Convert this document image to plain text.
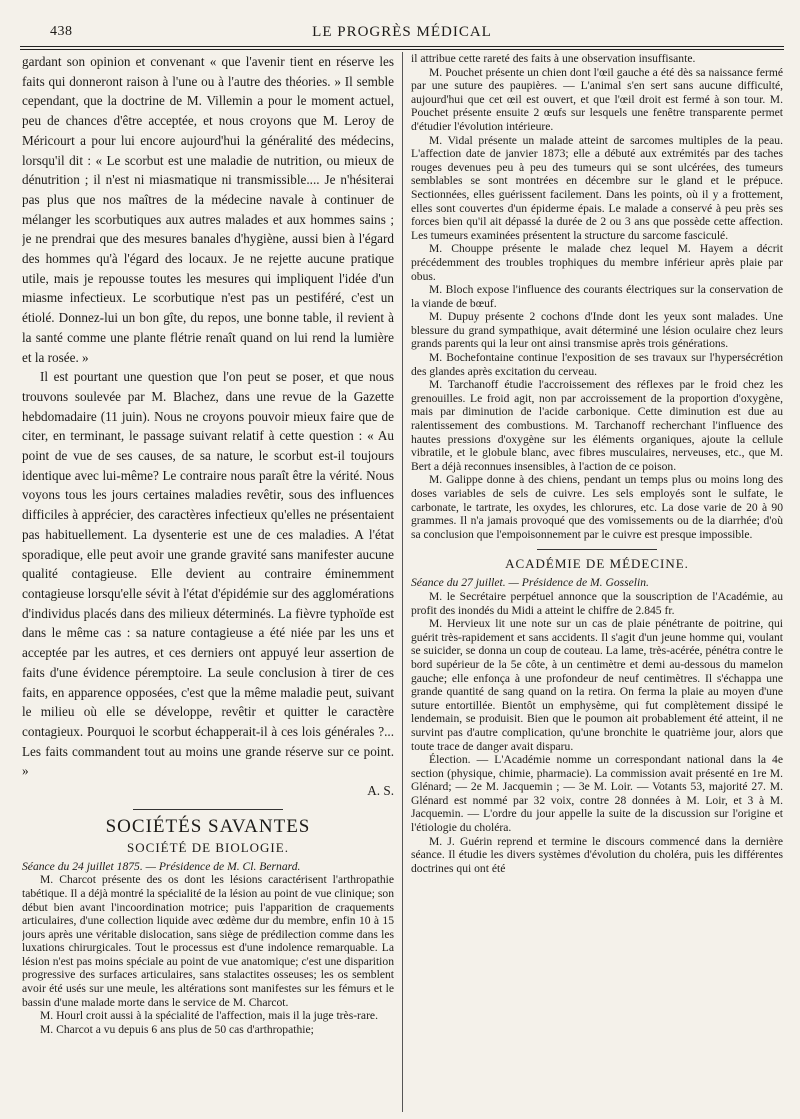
438	LE PROGRÈS MÉDICAL

gardant son opinion et convenant « que l'avenir tient en réserve les faits qui donneront raison à l'une ou à l'autre des théories. » Il semble cependant, que la doctrine de M. Villemin a pour le moment actuel, peu de chances d'être acceptée, et nous croyons que M. Leroy de Méricourt a pour lui encore aujourd'hui la généralité des médecins, lorsqu'il dit : « Le scorbut est une maladie de nutrition, ou mieux de dénutrition ; il n'est ni miasmatique ni transmissible.... Je n'hésiterai pas plus que nos maîtres de la médecine navale à continuer de mélanger les scorbutiques aux autres malades et aux hommes sains ; je ne prendrai que des mesures banales d'hygiène, aussi bien à l'égard des hommes qu'à l'égard des locaux. Je ne rejette aucune pratique utile, mais je repousse toutes les mesures qui impliquent l'idée d'un miasme infectieux. Le scorbutique n'est pas un pestiféré, c'est un étiolé. Donnez-lui un bon gîte, du repos, une bonne table, il revient à la santé comme une plante flétrie renaît quand on lui rend la lumière et la rosée. »

Il est pourtant une question que l'on peut se poser, et que nous trouvons soulevée par M. Blachez, dans une revue de la Gazette hebdomadaire (11 juin). Nous ne croyons pouvoir mieux faire que de citer, en terminant, le passage suivant relatif à cette question : « Au point de vue de ses causes, de sa nature, le scorbut est-il toujours identique avec lui-même? Le contraire nous paraît être la vérité. Nous voyons tous les jours certaines maladies revêtir, sous des influences difficiles à apprécier, des caractères infectieux qu'elles ne présentaient pas habituellement. La dysenterie est une de ces maladies. A l'état sporadique, elle peut avoir une grande gravité sans manifester aucune qualité contagieuse. Elle devient au contraire éminemment contagieuse lorsqu'elle sévit à l'état d'épidémie sur des agglomérations d'individus placés dans des milieux déterminés. La fièvre typhoïde est dans le même cas : sa nature contagieuse a été niée par les uns et acceptée par les autres, et ces derniers ont appuyé leur assertion de faits d'une évidence péremptoire. La seule conclusion à tirer de ces faits, en apparence opposées, c'est que la même maladie peut, suivant le milieu où elle se développe, revêtir et quitter le caractère contagieux. Pourquoi le scorbut échapperait-il à ces lois générales ?... Les faits commandent tout au moins une grande réserve sur ce point. »

A. S.

SOCIÉTÉS SAVANTES
SOCIÉTÉ DE BIOLOGIE.

Séance du 24 juillet 1875. — Présidence de M. Cl. Bernard.

M. Charcot présente des os dont les lésions caractérisent l'arthropathie tabétique. Il a déjà montré la spécialité de la lésion au point de vue clinique; son début bien avant l'incoordination motrice; puis l'apparition de craquements articulaires, d'une collection liquide avec œdème dur du membre, enfin 10 à 15 jours après une véritable dislocation, sans siège de prédilection comme dans les luxations chirurgicales. Tout le processus est d'une indolence remarquable. La lésion n'est pas moins spéciale au point de vue anatomique; c'est une disparition progressive des surfaces articulaires, sans stalactites osseuses; les os semblent avoir été usés sur une meule, les altérations sont manifestes sur les fémurs et le bassin d'une malade morte dans le service de M. Charcot.

M. Hourl croit aussi à la spécialité de l'affection, mais il la juge très-rare.

M. Charcot a vu depuis 6 ans plus de 50 cas d'arthropathie;

il attribue cette rareté des faits à une observation insuffisante.

M. Pouchet présente un chien dont l'œil gauche a été dès sa naissance fermé par une suture des paupières. — L'animal s'en sert sans aucune difficulté, aujourd'hui que cet œil est ouvert, et que l'œil droit est fermé à son tour. M. Pouchet présente ensuite 2 œufs sur lesquels une fenêtre transparente permet d'étudier l'évolution intérieure.

M. Vidal présente un malade atteint de sarcomes multiples de la peau. L'affection date de janvier 1873; elle a débuté aux extrémités par des taches rouges devenues peu à peu des tumeurs qui se sont ulcérées, des tumeurs semblables se sont montrées en décembre sur le gland et le prépuce. Sectionnées, elles guérissent facilement. Dans les points, où il y a frottement, elles sont couvertes d'un épiderme épais. Le malade a conservé à peu près ses forces bien qu'il ait dépassé la durée de 2 ou 3 ans que possède cette affection. Les tumeurs examinées présentent la structure du sarcome fasciculé.

M. Chouppe présente le malade chez lequel M. Hayem a décrit précédemment des troubles trophiques du membre inférieur après plaie par obus.

M. Bloch expose l'influence des courants électriques sur la conservation de la viande de bœuf.

M. Dupuy présente 2 cochons d'Inde dont les yeux sont malades. Une blessure du grand sympathique, avait déterminé une lésion oculaire chez leurs grands parents qui la leur ont ainsi transmise après trois générations.

M. Bochefontaine continue l'exposition de ses travaux sur l'hypersécrétion des glandes après excitation du cerveau.

M. Tarchanoff étudie l'accroissement des réflexes par le froid chez les grenouilles. Le froid agit, non par accroissement de la proportion d'oxygène, mais par diminution de l'acide carbonique. Cette diminution est due au ralentissement des combustions. M. Tarchanoff recherchant l'influence des hautes pressions d'oxygène sur les éléments organiques, ajoute la cellule vibratile, et le globule blanc, avec fibres musculaires, nerveuses, etc., que M. Bert a déjà reconnues insensibles, à l'action de ce poison.

M. Galippe donne à des chiens, pendant un temps plus ou moins long des doses variables de sels de cuivre. Les sels employés sont le sulfate, le carbonate, le tartrate, les oxydes, les chlorures, etc. La dose varie de 20 à 90 grammes. Il n'a jamais provoqué que des vomissements ou de la diarrhée; d'où sa conclusion que l'empoisonnement par le cuivre est presque impossible.

ACADÉMIE DE MÉDECINE.

Séance du 27 juillet. — Présidence de M. Gosselin.

M. le Secrétaire perpétuel annonce que la souscription de l'Académie, au profit des inondés du Midi a atteint le chiffre de 2.845 fr.

M. Hervieux lit une note sur un cas de plaie pénétrante de poitrine, qui guérit très-rapidement et sans accidents. Il s'agit d'un jeune homme qui, voulant se suicider, se donna un coup de couteau. La lame, très-acérée, pénétra contre le bord supérieur de la 5e côte, à un centimètre et demi au-dessous du mamelon gauche; elle enfonça à une profondeur de neuf centimètres. Il s'échappa une grande quantité de sang quand on la retira. On ferma la plaie au moyen d'une suture entortillée. Bientôt un emphysème, qui fut complètement dissipé le lendemain, se produisit. Bien que le poumon ait probablement été atteint, il ne survint pas d'autre complication, qu'une bronchite le quatrième jour, alors que toute trace de danger avait disparu.

Élection. — L'Académie nomme un correspondant national dans la 4e section (physique, chimie, pharmacie). La commission avait présenté en 1re M. Glénard; — 2e M. Jacquemin ; — 3e M. Loir. — Votants 53, majorité 27. M. Glénard est nommé par 32 voix, contre 28 données à M. Loir, et 3 à M. Jacquemin. — L'ordre du jour appelle la suite de la discussion sur l'origine et l'étiologie du choléra.

M. J. Guérin reprend et termine le discours commencé dans la dernière séance. Il étudie les divers systèmes d'évolution du choléra, puis les différentes doctrines qui ont été
